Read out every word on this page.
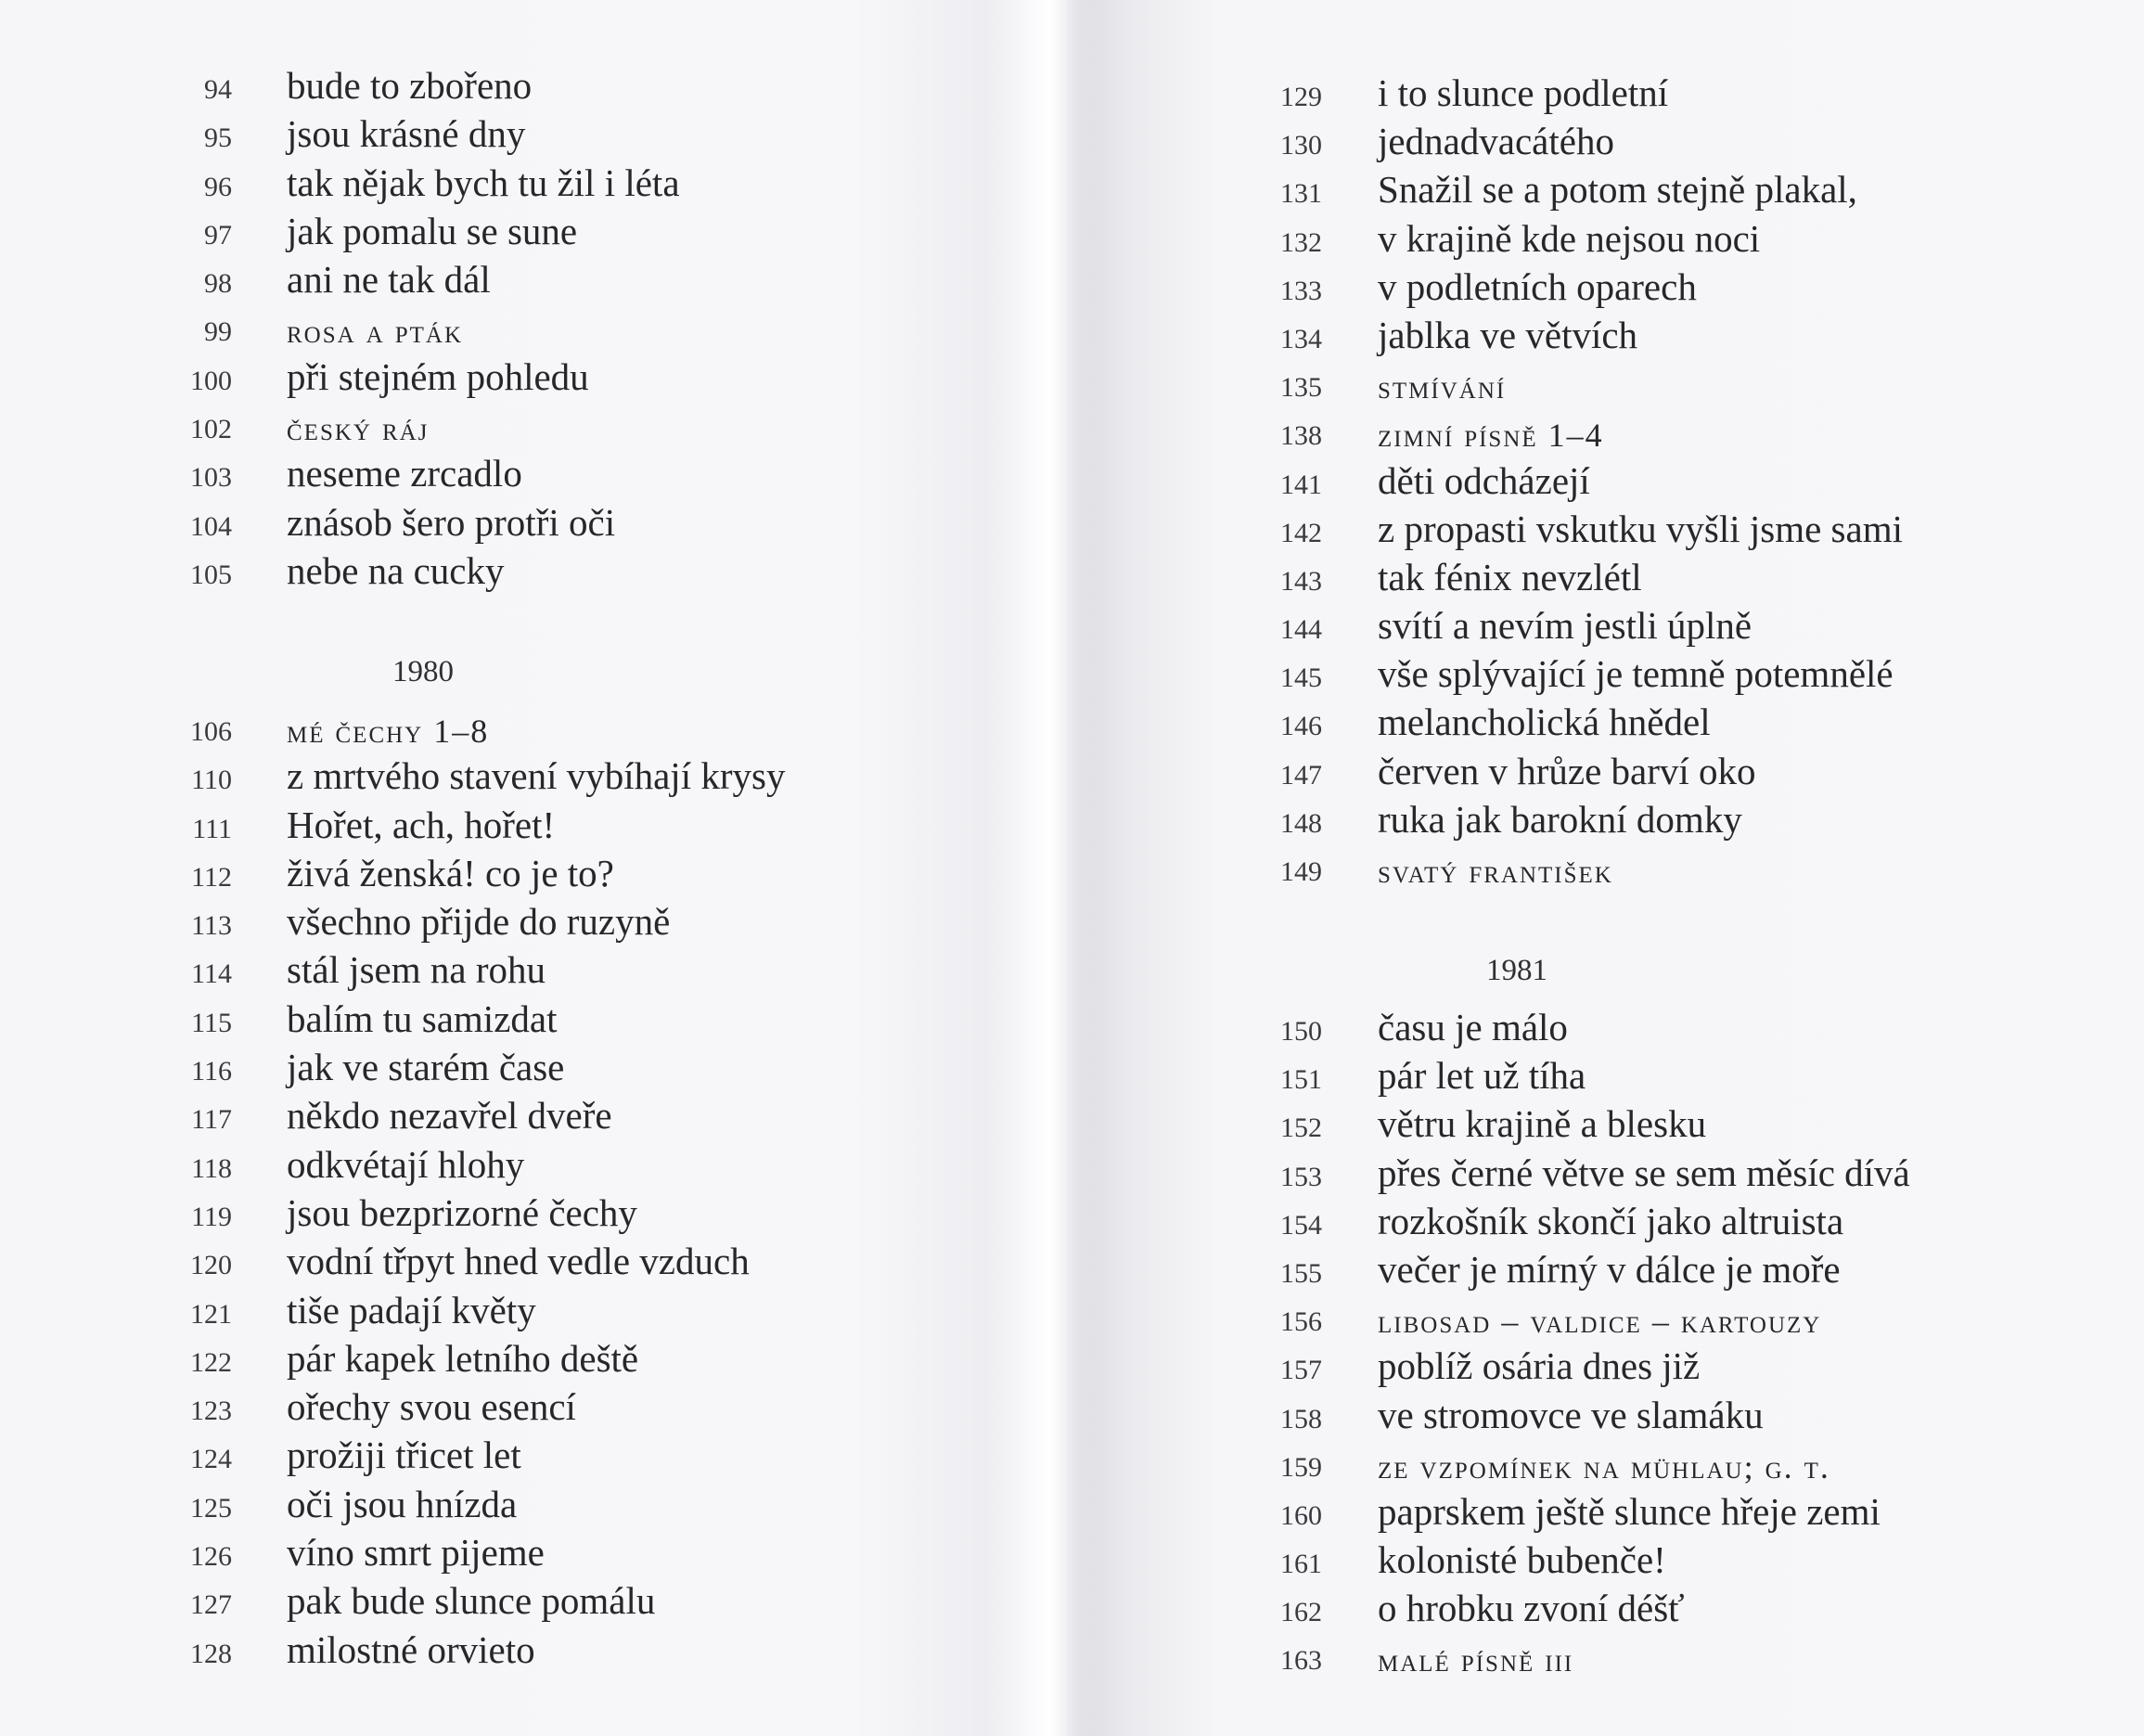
94 bude to zbořeno
95 jsou krásné dny
96 tak nějak bych tu žil i léta
97 jak pomalu se sune
98 ani ne tak dál
99 rosa a pták
100 při stejném pohledu
102 český ráj
103 neseme zrcadlo
104 znásob šero protři oči
105 nebe na cucky
1980
106 mé čechy 1–8
110 z mrtvého stavení vybíhají krysy
111 Hořet, ach, hořet!
112 živá ženská! co je to?
113 všechno přijde do ruzyně
114 stál jsem na rohu
115 balím tu samizdat
116 jak ve starém čase
117 někdo nezavřel dveře
118 odkvétají hlohy
119 jsou bezprizorné čechy
120 vodní třpyt hned vedle vzduch
121 tiše padají květy
122 pár kapek letního deště
123 ořechy svou esencí
124 prožiji třicet let
125 oči jsou hnízda
126 víno smrt pijeme
127 pak bude slunce pomálu
128 milostné orvieto
129 i to slunce podletní
130 jednadvacátého
131 Snažil se a potom stejně plakal,
132 v krajině kde nejsou noci
133 v podletních oparech
134 jablka ve větvích
135 stmívání
138 zimní písně 1–4
141 děti odcházejí
142 z propasti vskutku vyšli jsme sami
143 tak fénix nevzlétl
144 svítí a nevím jestli úplně
145 vše splývající je temně potemnělé
146 melancholická hnědel
147 červen v hrůze barví oko
148 ruka jak barokní domky
149 svatý františek
1981
150 času je málo
151 pár let už tíha
152 větru krajině a blesku
153 přes černé větve se sem měsíc dívá
154 rozkošník skončí jako altruista
155 večer je mírný v dálce je moře
156 libosad – valdice – kartouzy
157 poblíž osária dnes již
158 ve stromovce ve slamáku
159 ze vzpomínek na mühlau; g. t.
160 paprskem ještě slunce hřeje zemi
161 kolonisté bubenče!
162 o hrobku zvoní déšť
163 malé písně iii
